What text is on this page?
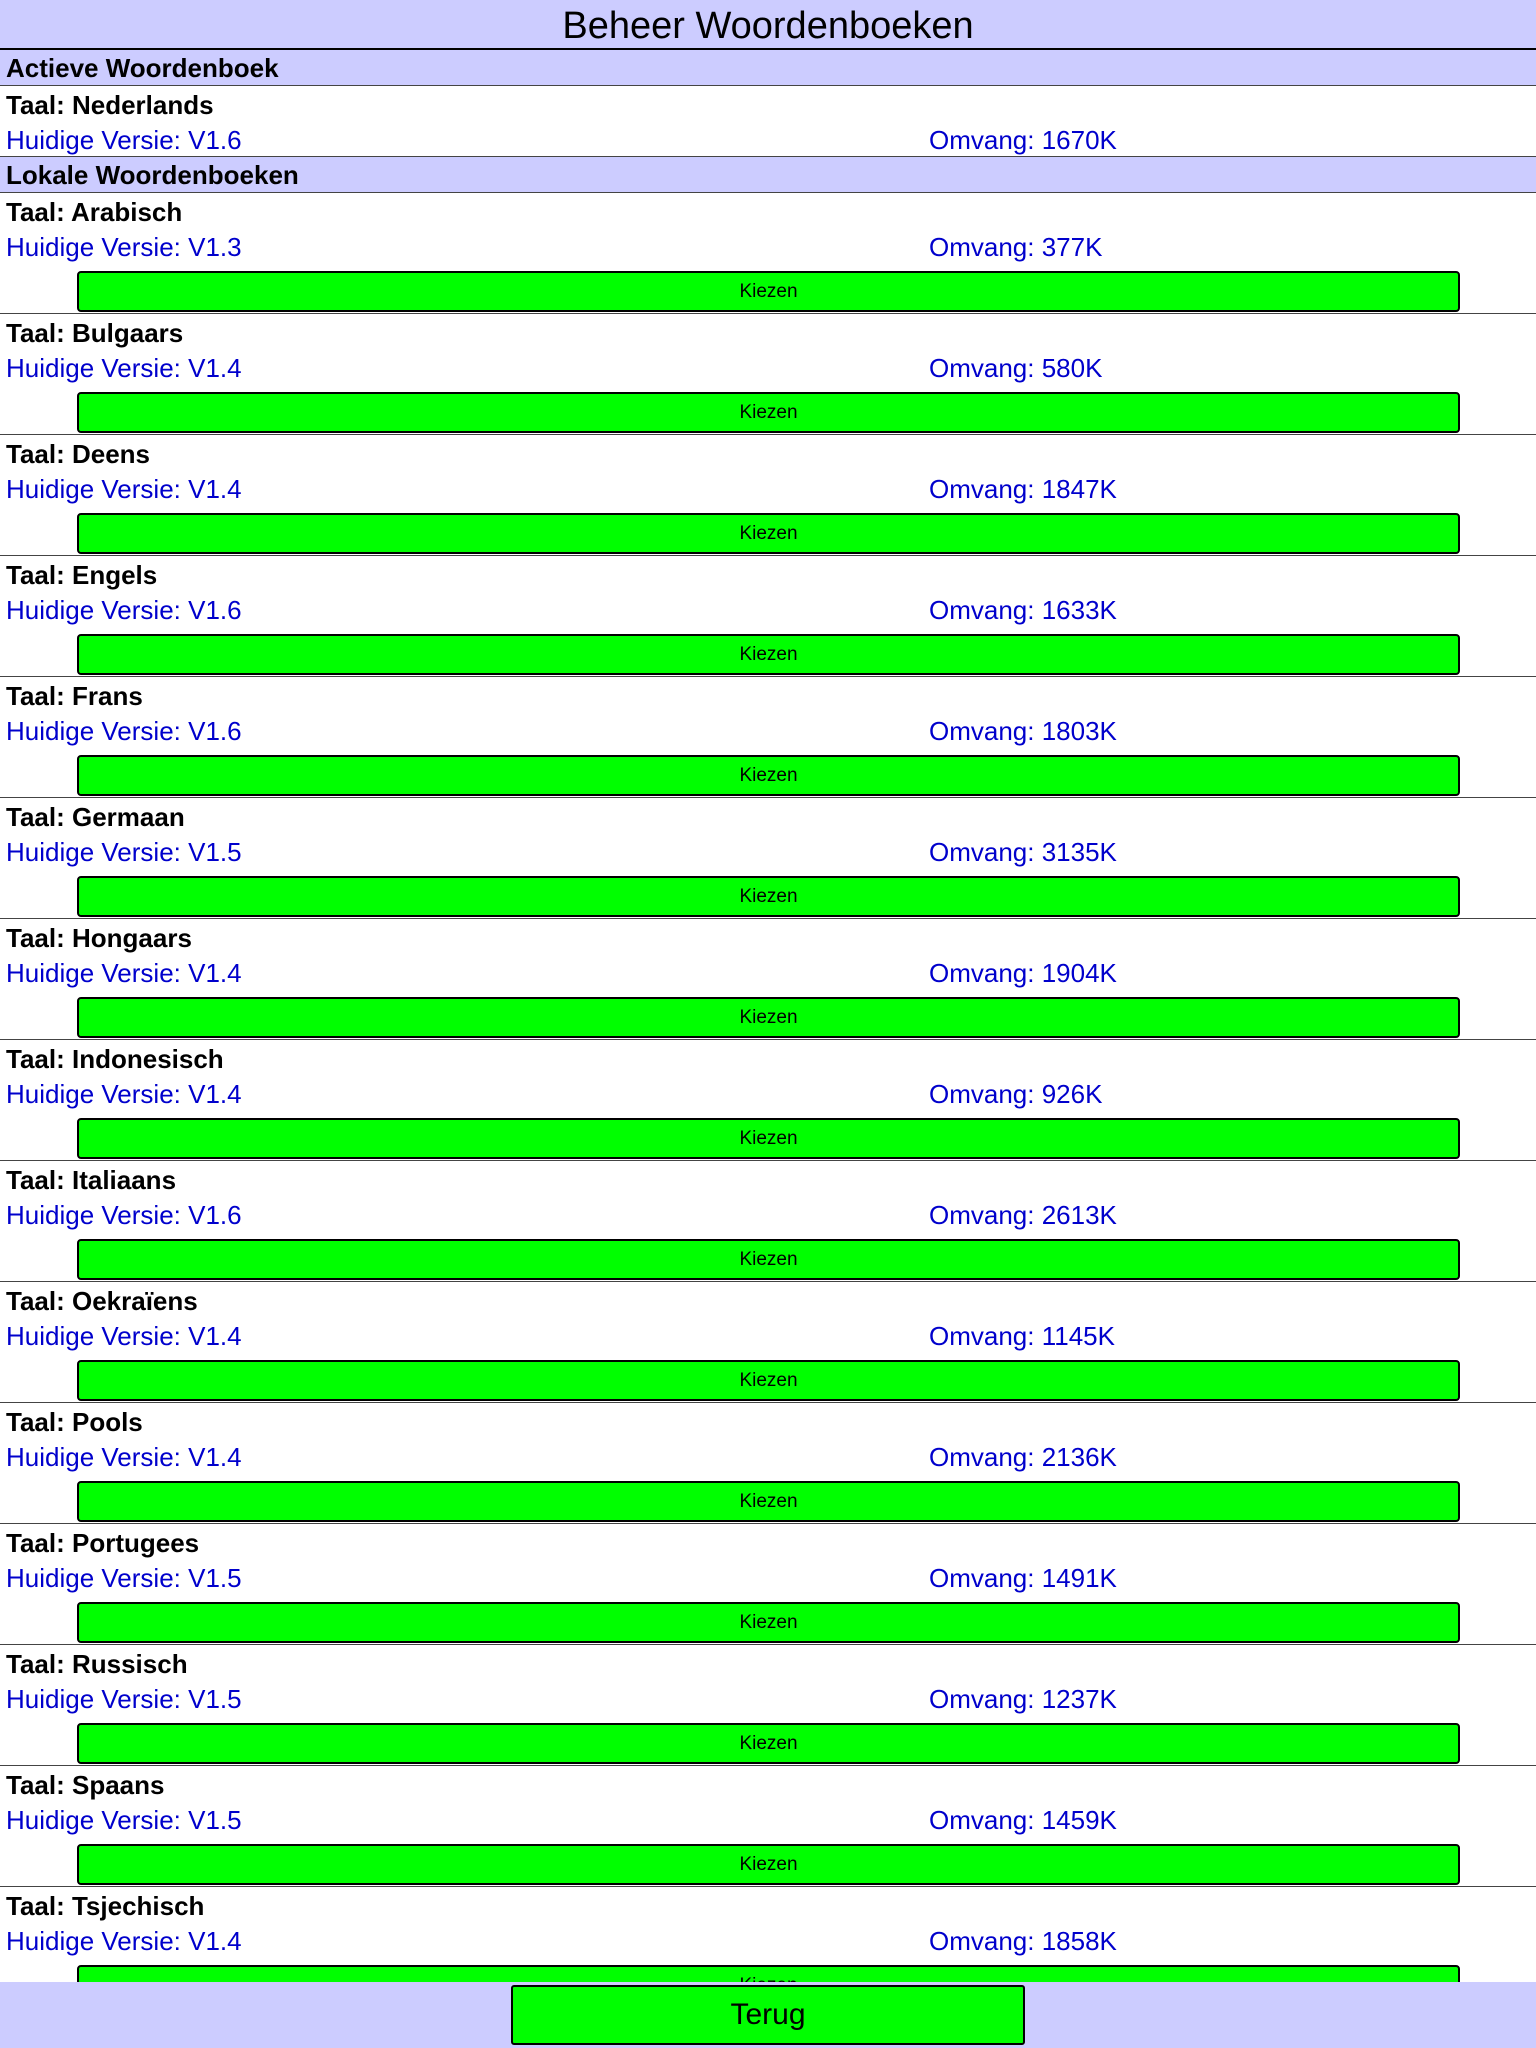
Beheer Woordenboeken
Actieve Woordenboek
Taal: Nederlands
Huidige Versie: V1.6	Omvang: 1670K
Lokale Woordenboeken
Taal: Arabisch
Huidige Versie: V1.3	Omvang: 377K
Kiezen
Taal: Bulgaars
Huidige Versie: V1.4	Omvang: 580K
Kiezen
Taal: Deens
Huidige Versie: V1.4	Omvang: 1847K
Kiezen
Taal: Engels
Huidige Versie: V1.6	Omvang: 1633K
Kiezen
Taal: Frans
Huidige Versie: V1.6	Omvang: 1803K
Kiezen
Taal: Germaan
Huidige Versie: V1.5	Omvang: 3135K
Kiezen
Taal: Hongaars
Huidige Versie: V1.4	Omvang: 1904K
Kiezen
Taal: Indonesisch
Huidige Versie: V1.4	Omvang: 926K
Kiezen
Taal: Italiaans
Huidige Versie: V1.6	Omvang: 2613K
Kiezen
Taal: Oekraïens
Huidige Versie: V1.4	Omvang: 1145K
Kiezen
Taal: Pools
Huidige Versie: V1.4	Omvang: 2136K
Kiezen
Taal: Portugees
Huidige Versie: V1.5	Omvang: 1491K
Kiezen
Taal: Russisch
Huidige Versie: V1.5	Omvang: 1237K
Kiezen
Taal: Spaans
Huidige Versie: V1.5	Omvang: 1459K
Kiezen
Taal: Tsjechisch
Huidige Versie: V1.4	Omvang: 1858K
Terug
